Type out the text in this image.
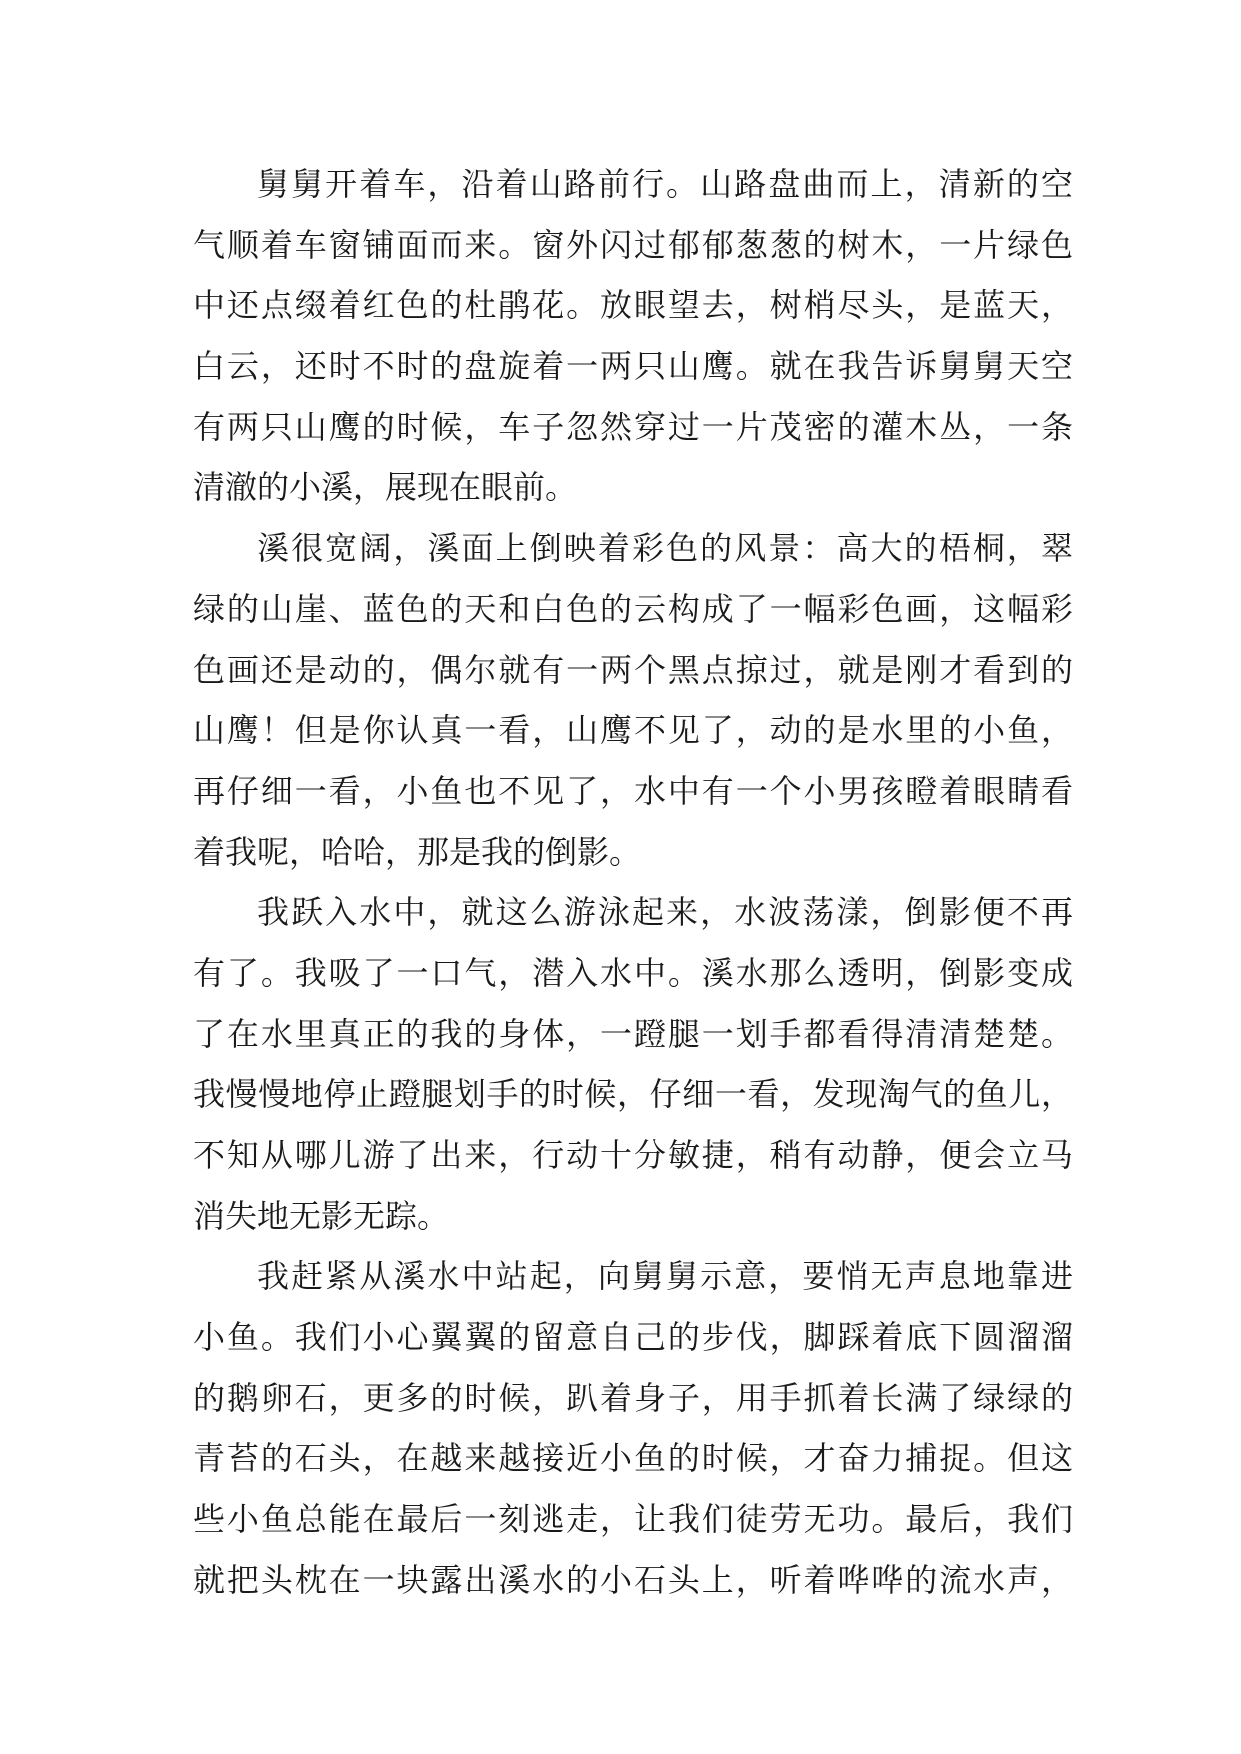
舅舅开着车，沿着山路前行。山路盘曲而上，清新的空
气顺着车窗铺面而来。窗外闪过郁郁葱葱的树木，一片绿色
中还点缀着红色的杜鹃花。放眼望去，树梢尽头，是蓝天，
白云，还时不时的盘旋着一两只山鹰。就在我告诉舅舅天空
有两只山鹰的时候，车子忽然穿过一片茂密的灌木丛，一条
清澈的小溪，展现在眼前。
溪很宽阔，溪面上倒映着彩色的风景：高大的梧桐，翠
绿的山崖、蓝色的天和白色的云构成了一幅彩色画，这幅彩
色画还是动的，偶尔就有一两个黑点掠过，就是刚才看到的
山鹰！但是你认真一看，山鹰不见了，动的是水里的小鱼，
再仔细一看，小鱼也不见了，水中有一个小男孩瞪着眼睛看
着我呢，哈哈，那是我的倒影。
我跃入水中，就这么游泳起来，水波荡漾，倒影便不再
有了。我吸了一口气，潜入水中。溪水那么透明，倒影变成
了在水里真正的我的身体，一蹬腿一划手都看得清清楚楚。
我慢慢地停止蹬腿划手的时候，仔细一看，发现淘气的鱼儿，
不知从哪儿游了出来，行动十分敏捷，稍有动静，便会立马
消失地无影无踪。
我赶紧从溪水中站起，向舅舅示意，要悄无声息地靠进
小鱼。我们小心翼翼的留意自己的步伐，脚踩着底下圆溜溜
的鹅卵石，更多的时候，趴着身子，用手抓着长满了绿绿的
青苔的石头，在越来越接近小鱼的时候，才奋力捕捉。但这
些小鱼总能在最后一刻逃走，让我们徒劳无功。最后，我们
就把头枕在一块露出溪水的小石头上，听着哗哗的流水声，
